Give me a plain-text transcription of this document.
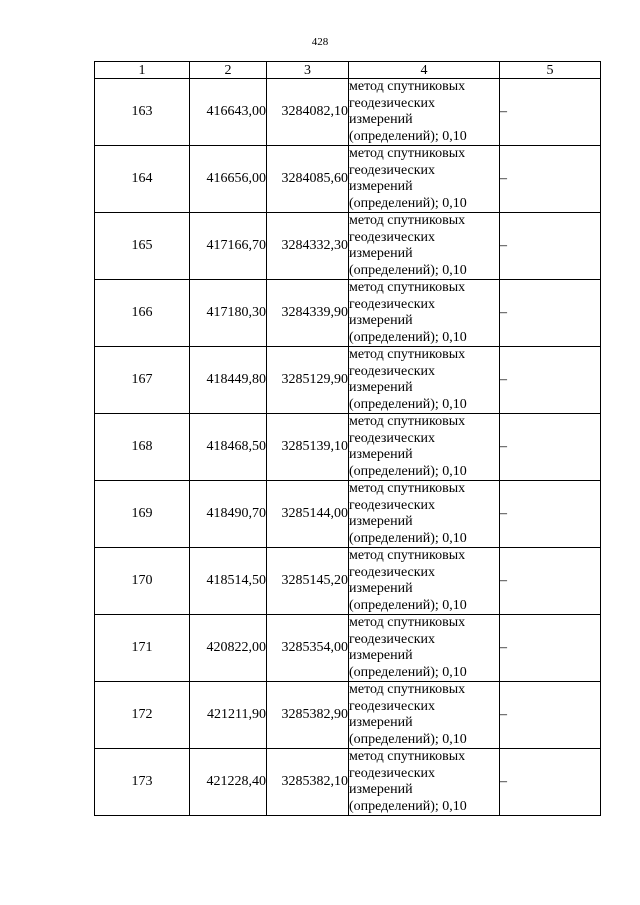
428
1	2	3	4	5
163	416643,00	3284082,10	метод спутниковых
геодезических
измерений
(определений); 0,10	–
164	416656,00	3284085,60	метод спутниковых
геодезических
измерений
(определений); 0,10	–
165	417166,70	3284332,30	метод спутниковых
геодезических
измерений
(определений); 0,10	–
166	417180,30	3284339,90	метод спутниковых
геодезических
измерений
(определений); 0,10	–
167	418449,80	3285129,90	метод спутниковых
геодезических
измерений
(определений); 0,10	–
168	418468,50	3285139,10	метод спутниковых
геодезических
измерений
(определений); 0,10	–
169	418490,70	3285144,00	метод спутниковых
геодезических
измерений
(определений); 0,10	–
170	418514,50	3285145,20	метод спутниковых
геодезических
измерений
(определений); 0,10	–
171	420822,00	3285354,00	метод спутниковых
геодезических
измерений
(определений); 0,10	–
172	421211,90	3285382,90	метод спутниковых
геодезических
измерений
(определений); 0,10	–
173	421228,40	3285382,10	метод спутниковых
геодезических
измерений
(определений); 0,10	–
